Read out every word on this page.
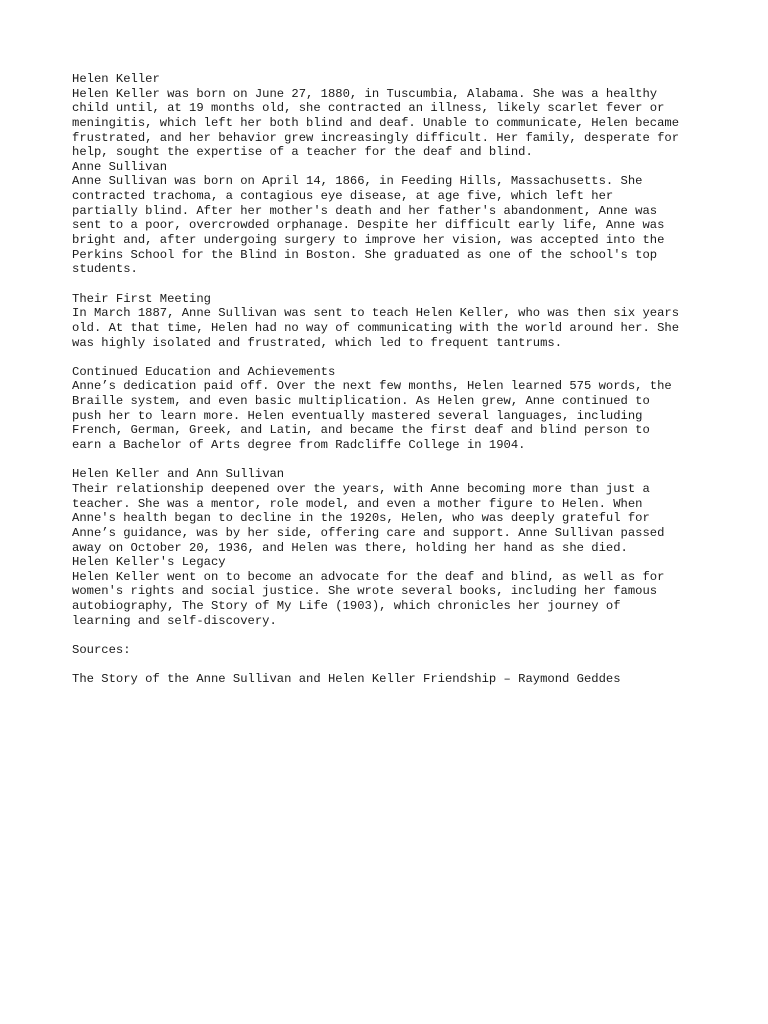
Helen Keller
Helen Keller was born on June 27, 1880, in Tuscumbia, Alabama. She was a healthy
child until, at 19 months old, she contracted an illness, likely scarlet fever or
meningitis, which left her both blind and deaf. Unable to communicate, Helen became
frustrated, and her behavior grew increasingly difficult. Her family, desperate for
help, sought the expertise of a teacher for the deaf and blind.
Anne Sullivan
Anne Sullivan was born on April 14, 1866, in Feeding Hills, Massachusetts. She
contracted trachoma, a contagious eye disease, at age five, which left her
partially blind. After her mother's death and her father's abandonment, Anne was
sent to a poor, overcrowded orphanage. Despite her difficult early life, Anne was
bright and, after undergoing surgery to improve her vision, was accepted into the
Perkins School for the Blind in Boston. She graduated as one of the school's top
students.
Their First Meeting
In March 1887, Anne Sullivan was sent to teach Helen Keller, who was then six years
old. At that time, Helen had no way of communicating with the world around her. She
was highly isolated and frustrated, which led to frequent tantrums.
Continued Education and Achievements
Anne’s dedication paid off. Over the next few months, Helen learned 575 words, the
Braille system, and even basic multiplication. As Helen grew, Anne continued to
push her to learn more. Helen eventually mastered several languages, including
French, German, Greek, and Latin, and became the first deaf and blind person to
earn a Bachelor of Arts degree from Radcliffe College in 1904.
Helen Keller and Ann Sullivan
Their relationship deepened over the years, with Anne becoming more than just a
teacher. She was a mentor, role model, and even a mother figure to Helen. When
Anne's health began to decline in the 1920s, Helen, who was deeply grateful for
Anne’s guidance, was by her side, offering care and support. Anne Sullivan passed
away on October 20, 1936, and Helen was there, holding her hand as she died.
Helen Keller's Legacy
Helen Keller went on to become an advocate for the deaf and blind, as well as for
women's rights and social justice. She wrote several books, including her famous
autobiography, The Story of My Life (1903), which chronicles her journey of
learning and self-discovery.
Sources:
The Story of the Anne Sullivan and Helen Keller Friendship – Raymond Geddes
